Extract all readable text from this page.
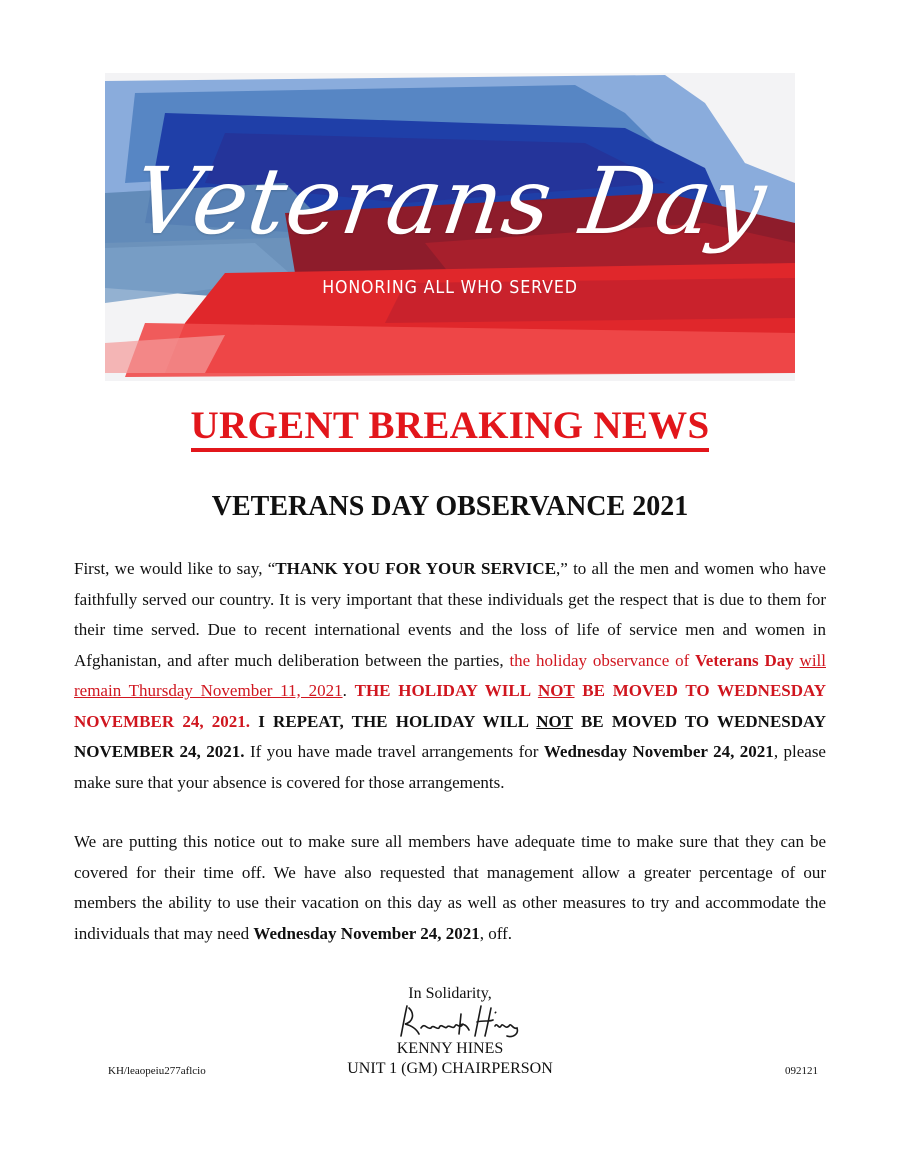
Veterans Day
HONORING ALL WHO SERVED
URGENT BREAKING NEWS
VETERANS DAY OBSERVANCE 2021
First, we would like to say, “THANK YOU FOR YOUR SERVICE,” to all the men and women who have faithfully served our country. It is very important that these individuals get the respect that is due to them for their time served. Due to recent international events and the loss of life of service men and women in Afghanistan, and after much deliberation between the parties, the holiday observance of Veterans Day will remain Thursday November 11, 2021. THE HOLIDAY WILL NOT BE MOVED TO WEDNESDAY NOVEMBER 24, 2021. I REPEAT, THE HOLIDAY WILL NOT BE MOVED TO WEDNESDAY NOVEMBER 24, 2021. If you have made travel arrangements for Wednesday November 24, 2021, please make sure that your absence is covered for those arrangements.
We are putting this notice out to make sure all members have adequate time to make sure that they can be covered for their time off. We have also requested that management allow a greater percentage of our members the ability to use their vacation on this day as well as other measures to try and accommodate the individuals that may need Wednesday November 24, 2021, off.
In Solidarity,
KENNY HINES
UNIT 1 (GM) CHAIRPERSON
KH/leaopeiu277aflcio	092121
